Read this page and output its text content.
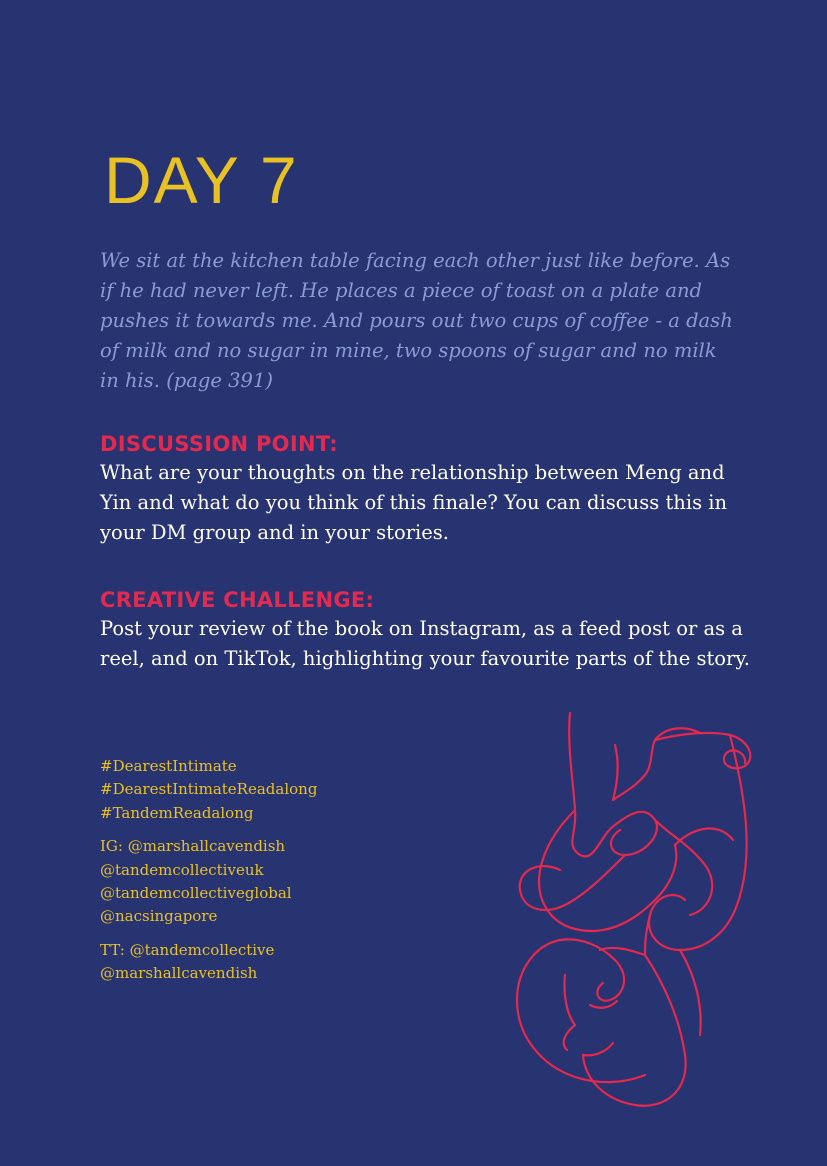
DAY 7

We sit at the kitchen table facing each other just like before. As if he had never left. He places a piece of toast on a plate and pushes it towards me. And pours out two cups of coffee - a dash of milk and no sugar in mine, two spoons of sugar and no milk in his. (page 391)

DISCUSSION POINT:

What are your thoughts on the relationship between Meng and Yin and what do you think of this finale? You can discuss this in your DM group and in your stories.

CREATIVE CHALLENGE:

Post your review of the book on Instagram, as a feed post or as a reel, and on TikTok, highlighting your favourite parts of the story.

#DearestIntimate
#DearestIntimateReadalong
#TandemReadalong
IG: @marshallcavendish
@tandemcollectiveuk
@tandemcollectiveglobal
@nacsingapore
TT: @tandemcollective
@marshallcavendish
